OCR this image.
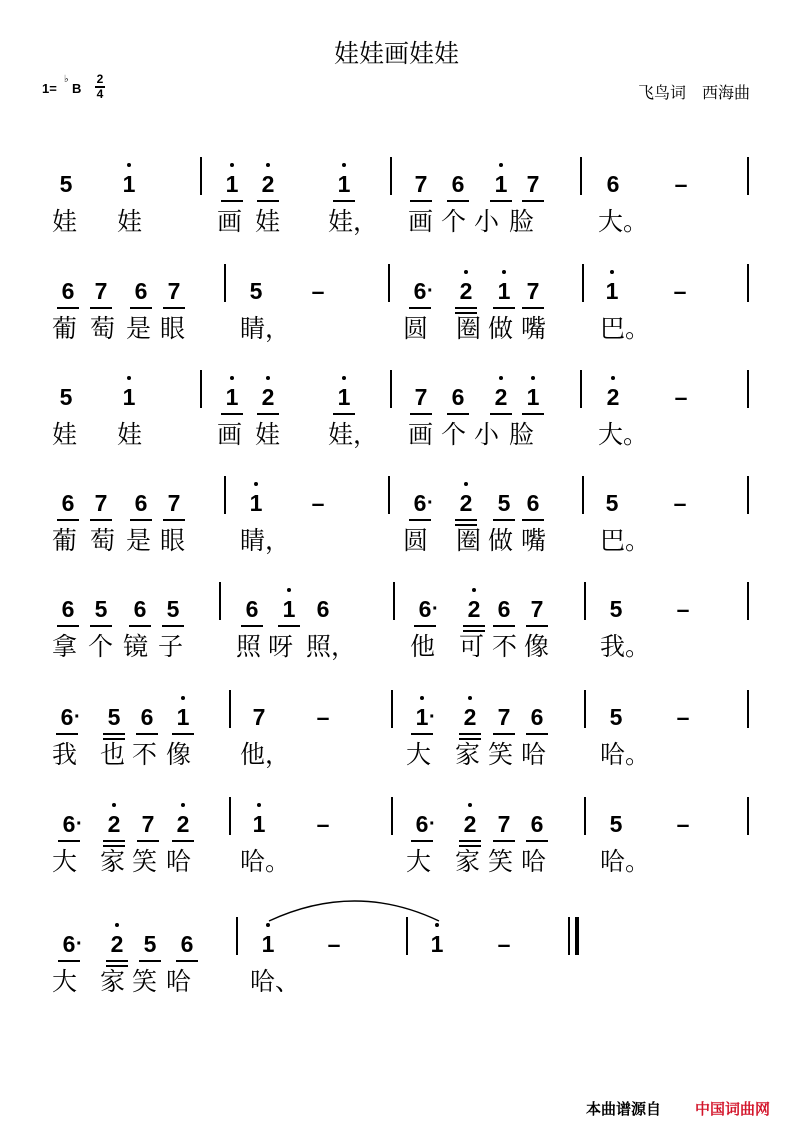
娃娃画娃娃
1=
♭
B
2
4	飞鸟词　西海曲
5 1	1 2	1	7 6 1 7	6 –
娃 娃	画 娃 娃， 画 个 小 脸	大。
6 7 6 7	5 –	6 · 2 1 7	1 –
葡 萄 是 眼 睛，	圆 圈 做 嘴 巴。
5 1	1 2	1	7 6 2 1	2 –
娃 娃	画 娃 娃， 画 个 小 脸	大。
6 7 6 7	1 –	6 · 2 5 6	5 –
葡 萄 是 眼 睛，	圆 圈 做 嘴 巴。
6 5 6 5	6 1 6	6 · 2 6 7	5 –
拿 个 镜 子 照 呀 照， 他 可 不 像 我。
6 · 5 6 1	7 –	1 · 2 7 6	5 –
我 也 不 像 他，	大 家 笑 哈 哈。
6 · 2 7 2	1 –	6 · 2 7 6	5 –
大 家 笑 哈 哈。	大 家 笑 哈 哈。
6 · 2 5 6	1 –	1 –
大 家 笑 哈 哈、
本曲谱源自 中国词曲网
